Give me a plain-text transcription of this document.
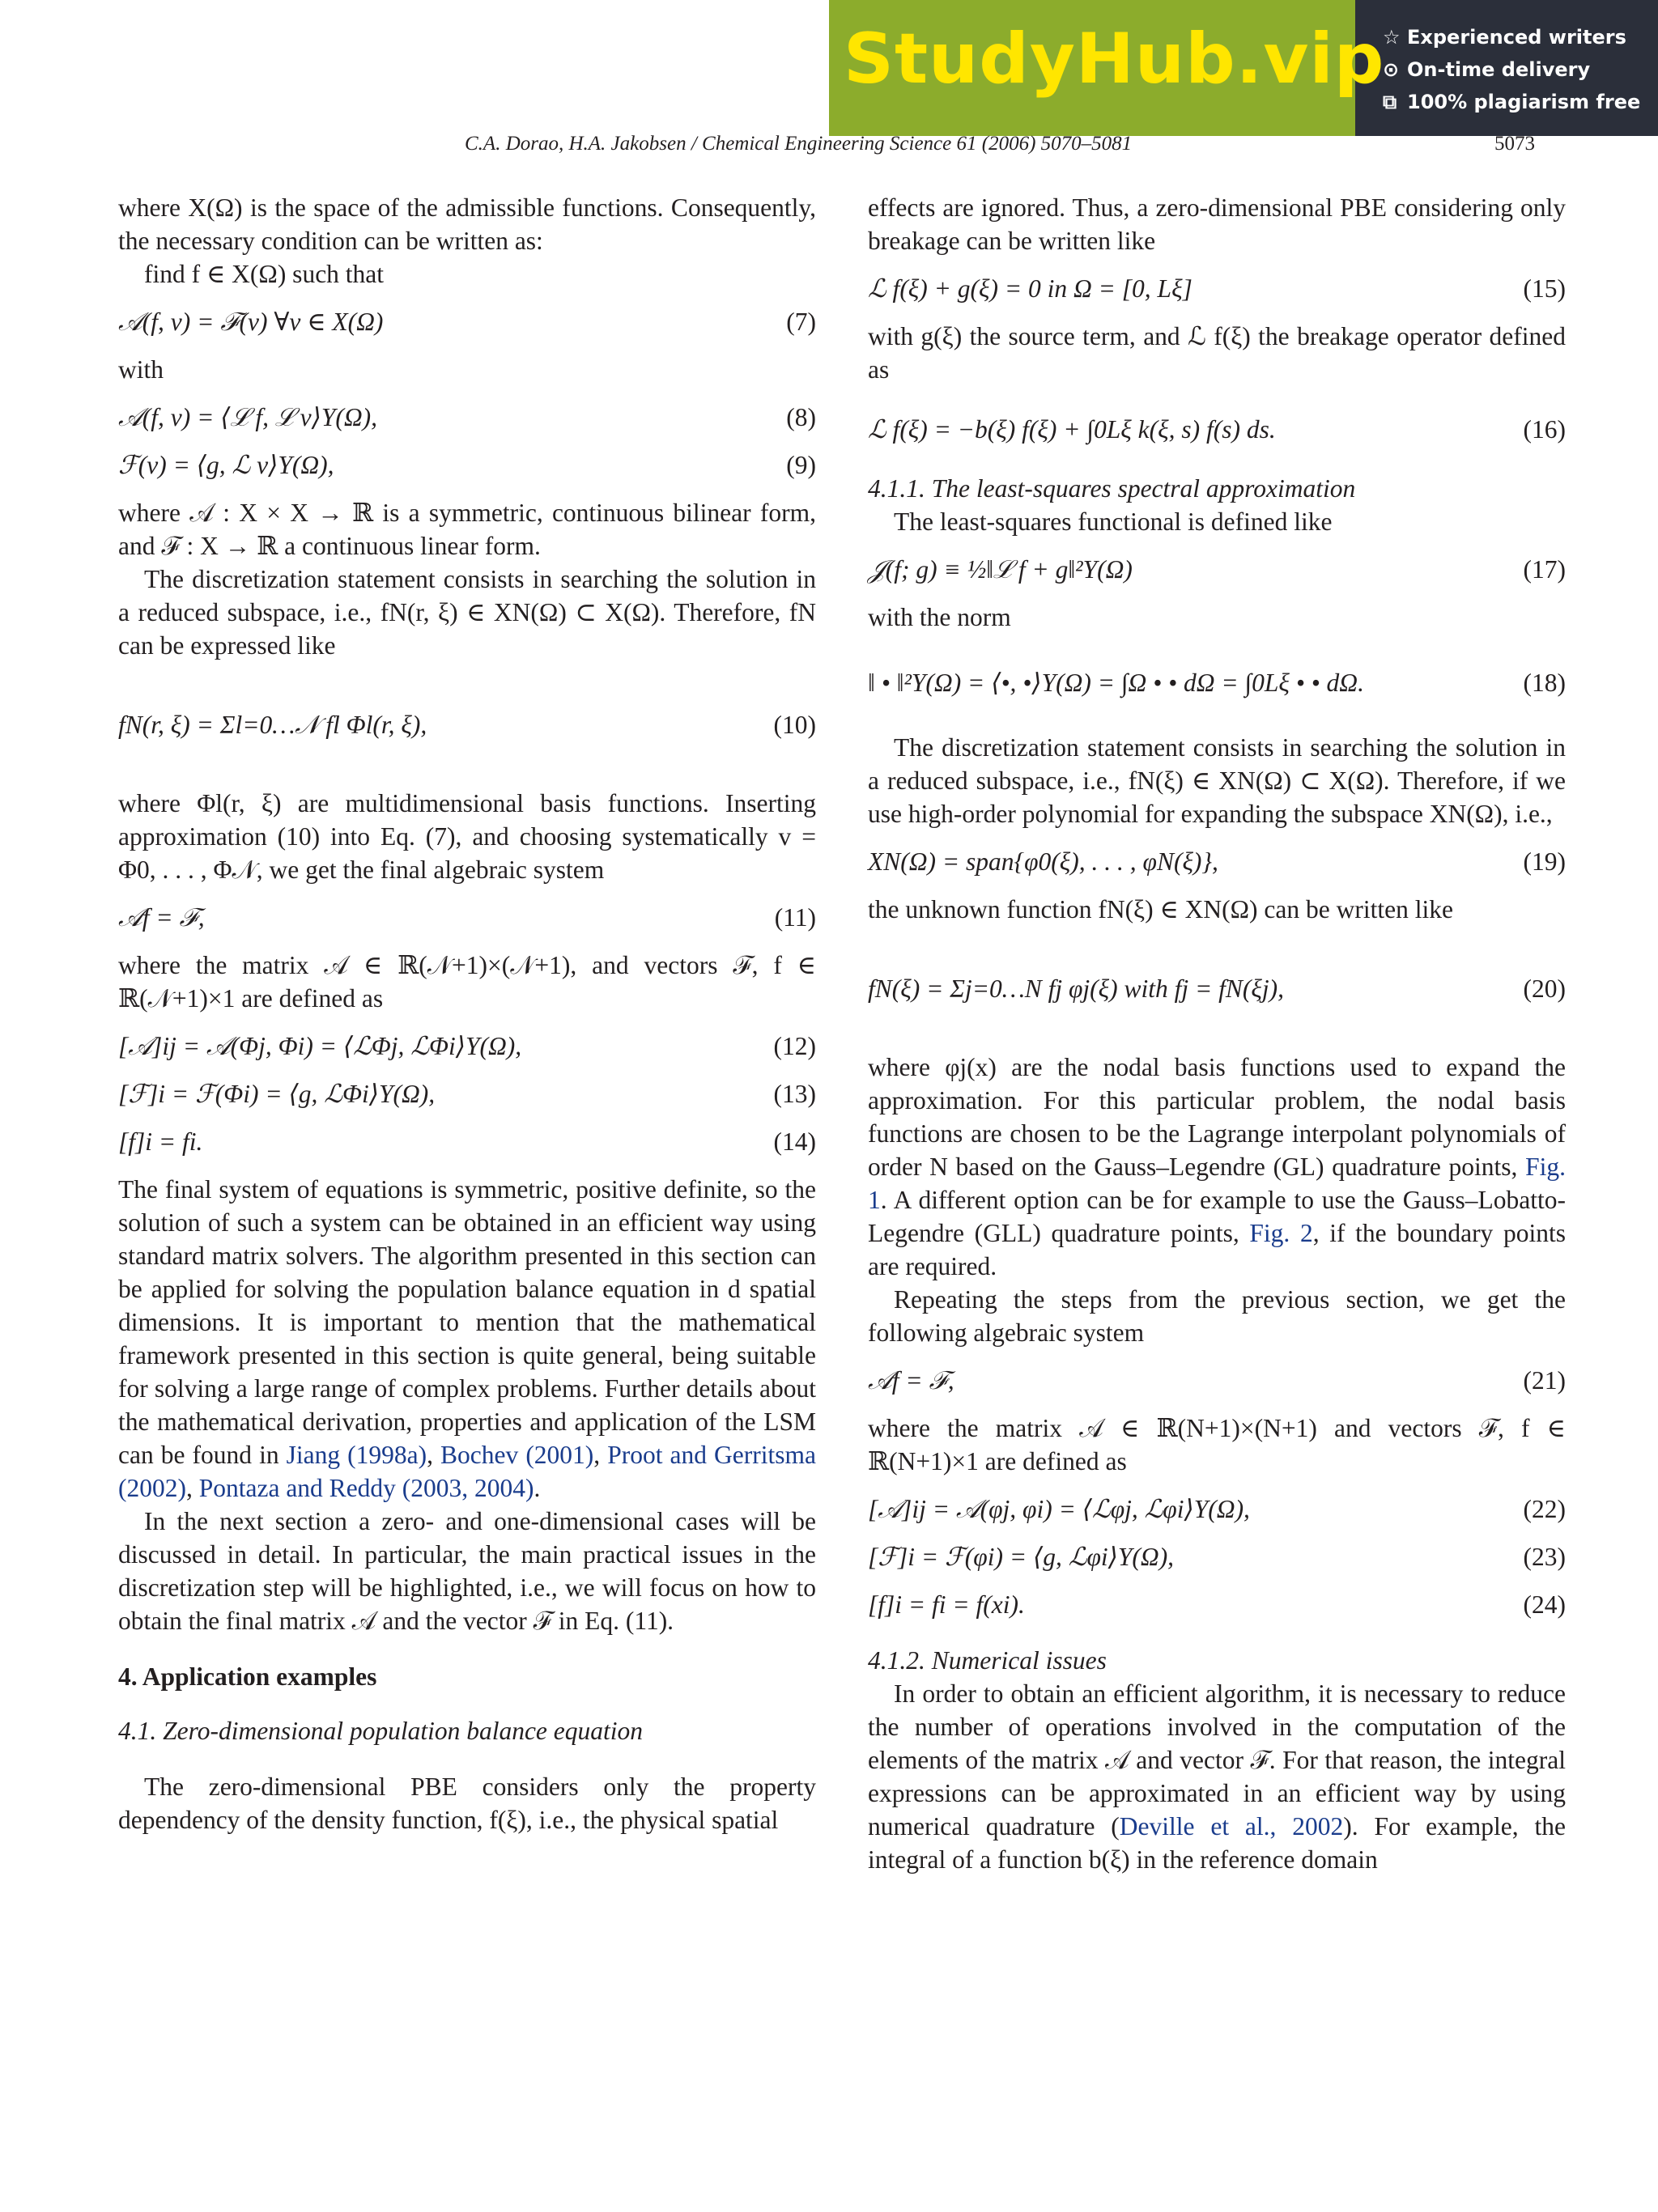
StudyHub.vip
☆ Experienced writers
⊙ On-time delivery
⧉ 100% plagiarism free
C.A. Dorao, H.A. Jakobsen / Chemical Engineering Science 61 (2006) 5070–5081	5073

where X(Ω) is the space of the admissible functions. Consequently, the necessary condition can be written as:

find f ∈ X(Ω) such that

𝒜(f, v) = ℱ(v) ∀v ∈ X(Ω)	(7)

with

𝒜(f, v) = ⟨ℒ f, ℒ v⟩Y(Ω),	(8)
ℱ(v) = ⟨g, ℒ v⟩Y(Ω),	(9)

where 𝒜 : X × X → ℝ is a symmetric, continuous bilinear form, and ℱ : X → ℝ a continuous linear form.

The discretization statement consists in searching the solution in a reduced subspace, i.e., fN(r, ξ) ∈ XN(Ω) ⊂ X(Ω). Therefore, fN can be expressed like

fN(r, ξ) = Σl=0…𝒩 fl Φl(r, ξ),	(10)

where Φl(r, ξ) are multidimensional basis functions. Inserting approximation (10) into Eq. (7), and choosing systematically v = Φ0, . . . , Φ𝒩, we get the final algebraic system

𝒜f = ℱ,	(11)

where the matrix 𝒜 ∈ ℝ(𝒩+1)×(𝒩+1), and vectors ℱ, f ∈ ℝ(𝒩+1)×1 are defined as

[𝒜]ij = 𝒜(Φj, Φi) = ⟨ℒΦj, ℒΦi⟩Y(Ω),	(12)
[ℱ]i = ℱ(Φi) = ⟨g, ℒΦi⟩Y(Ω),	(13)
[f]i = fi.	(14)

The final system of equations is symmetric, positive definite, so the solution of such a system can be obtained in an efficient way using standard matrix solvers. The algorithm presented in this section can be applied for solving the population balance equation in d spatial dimensions. It is important to mention that the mathematical framework presented in this section is quite general, being suitable for solving a large range of complex problems. Further details about the mathematical derivation, properties and application of the LSM can be found in Jiang (1998a), Bochev (2001), Proot and Gerritsma (2002), Pontaza and Reddy (2003, 2004).

In the next section a zero- and one-dimensional cases will be discussed in detail. In particular, the main practical issues in the discretization step will be highlighted, i.e., we will focus on how to obtain the final matrix 𝒜 and the vector ℱ in Eq. (11).

4. Application examples

4.1. Zero-dimensional population balance equation

The zero-dimensional PBE considers only the property dependency of the density function, f(ξ), i.e., the physical spatial

effects are ignored. Thus, a zero-dimensional PBE considering only breakage can be written like

ℒ f(ξ) + g(ξ) = 0 in Ω = [0, Lξ]	(15)

with g(ξ) the source term, and ℒ f(ξ) the breakage operator defined as

ℒ f(ξ) = −b(ξ) f(ξ) + ∫0Lξ k(ξ, s) f(s) ds.	(16)

4.1.1. The least-squares spectral approximation

The least-squares functional is defined like

𝒥(f; g) ≡ ½‖ℒ f + g‖²Y(Ω)	(17)

with the norm

‖ • ‖²Y(Ω) = ⟨•, •⟩Y(Ω) = ∫Ω • • dΩ = ∫0Lξ • • dΩ.	(18)

The discretization statement consists in searching the solution in a reduced subspace, i.e., fN(ξ) ∈ XN(Ω) ⊂ X(Ω). Therefore, if we use high-order polynomial for expanding the subspace XN(Ω), i.e.,

XN(Ω) = span{φ0(ξ), . . . , φN(ξ)},	(19)

the unknown function fN(ξ) ∈ XN(Ω) can be written like

fN(ξ) = Σj=0…N fj φj(ξ) with fj = fN(ξj),	(20)

where φj(x) are the nodal basis functions used to expand the approximation. For this particular problem, the nodal basis functions are chosen to be the Lagrange interpolant polynomials of order N based on the Gauss–Legendre (GL) quadrature points, Fig. 1. A different option can be for example to use the Gauss–Lobatto-Legendre (GLL) quadrature points, Fig. 2, if the boundary points are required.

Repeating the steps from the previous section, we get the following algebraic system

𝒜f = ℱ,	(21)

where the matrix 𝒜 ∈ ℝ(N+1)×(N+1) and vectors ℱ, f ∈ ℝ(N+1)×1 are defined as

[𝒜]ij = 𝒜(φj, φi) = ⟨ℒφj, ℒφi⟩Y(Ω),	(22)
[ℱ]i = ℱ(φi) = ⟨g, ℒφi⟩Y(Ω),	(23)
[f]i = fi = f(xi).	(24)

4.1.2. Numerical issues

In order to obtain an efficient algorithm, it is necessary to reduce the number of operations involved in the computation of the elements of the matrix 𝒜 and vector ℱ. For that reason, the integral expressions can be approximated in an efficient way by using numerical quadrature (Deville et al., 2002). For example, the integral of a function b(ξ) in the reference domain
